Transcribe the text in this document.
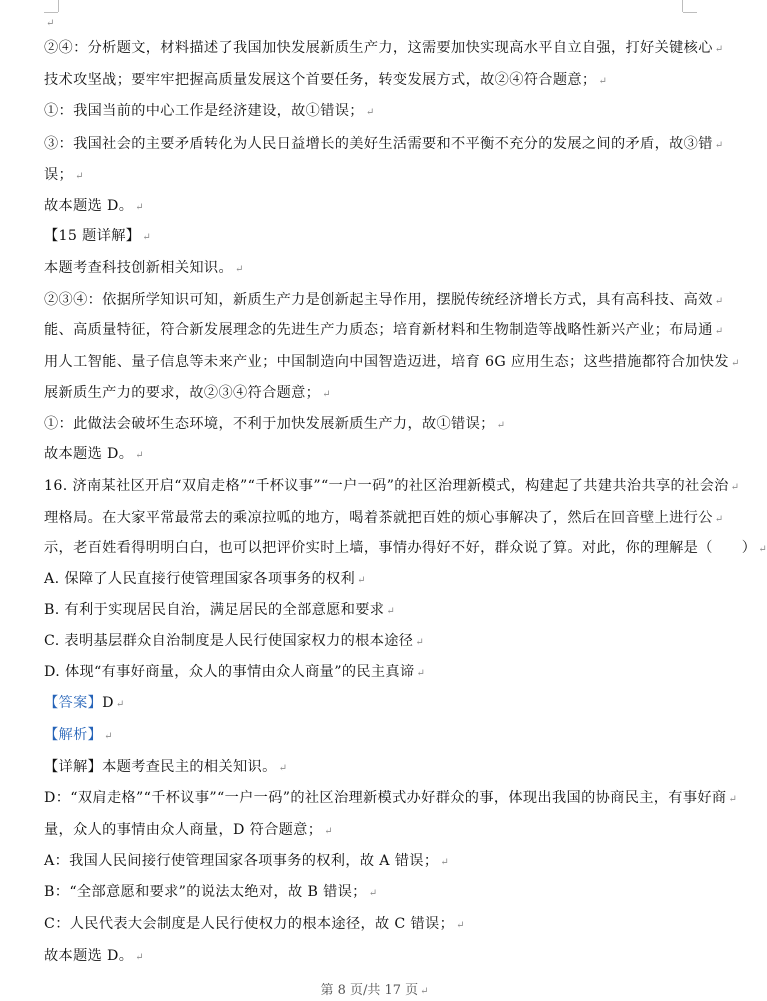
↵
②④：分析题文，材料描述了我国加快发展新质生产力，这需要加快实现高水平自立自强，打好关键核心 ↵
技术攻坚战；要牢牢把握高质量发展这个首要任务，转变发展方式，故②④符合题意； ↵
①：我国当前的中心工作是经济建设，故①错误； ↵
③：我国社会的主要矛盾转化为人民日益增长的美好生活需要和不平衡不充分的发展之间的矛盾，故③错 ↵
误； ↵
故本题选 D。 ↵
【15 题详解】 ↵
本题考查科技创新相关知识。 ↵
②③④：依据所学知识可知，新质生产力是创新起主导作用，摆脱传统经济增长方式，具有高科技、高效 ↵
能、高质量特征，符合新发展理念的先进生产力质态；培育新材料和生物制造等战略性新兴产业；布局通 ↵
用人工智能、量子信息等未来产业；中国制造向中国智造迈进，培育 6G 应用生态；这些措施都符合加快发 ↵
展新质生产力的要求，故②③④符合题意； ↵
①：此做法会破坏生态环境，不利于加快发展新质生产力，故①错误； ↵
故本题选 D。 ↵
16. 济南某社区开启“双肩走格”“千杯议事”“一户一码”的社区治理新模式，构建起了共建共治共享的社会治 ↵
理格局。在大家平常最常去的乘凉拉呱的地方，喝着茶就把百姓的烦心事解决了，然后在回音壁上进行公 ↵
示，老百姓看得明明白白，也可以把评价实时上墙，事情办得好不好，群众说了算。对此，你的理解是（　　） ↵
A. 保障了人民直接行使管理国家各项事务的权利 ↵
B. 有利于实现居民自治，满足居民的全部意愿和要求 ↵
C. 表明基层群众自治制度是人民行使国家权力的根本途径 ↵
D. 体现“有事好商量，众人的事情由众人商量”的民主真谛 ↵
【答案】D ↵
【解析】 ↵
【详解】本题考查民主的相关知识。 ↵
D：“双肩走格”“千杯议事”“一户一码”的社区治理新模式办好群众的事，体现出我国的协商民主，有事好商 ↵
量，众人的事情由众人商量，D 符合题意； ↵
A：我国人民间接行使管理国家各项事务的权利，故 A 错误； ↵
B：“全部意愿和要求”的说法太绝对，故 B 错误； ↵
C：人民代表大会制度是人民行使权力的根本途径，故 C 错误； ↵
故本题选 D。 ↵
第 8 页/共 17 页 ↵
